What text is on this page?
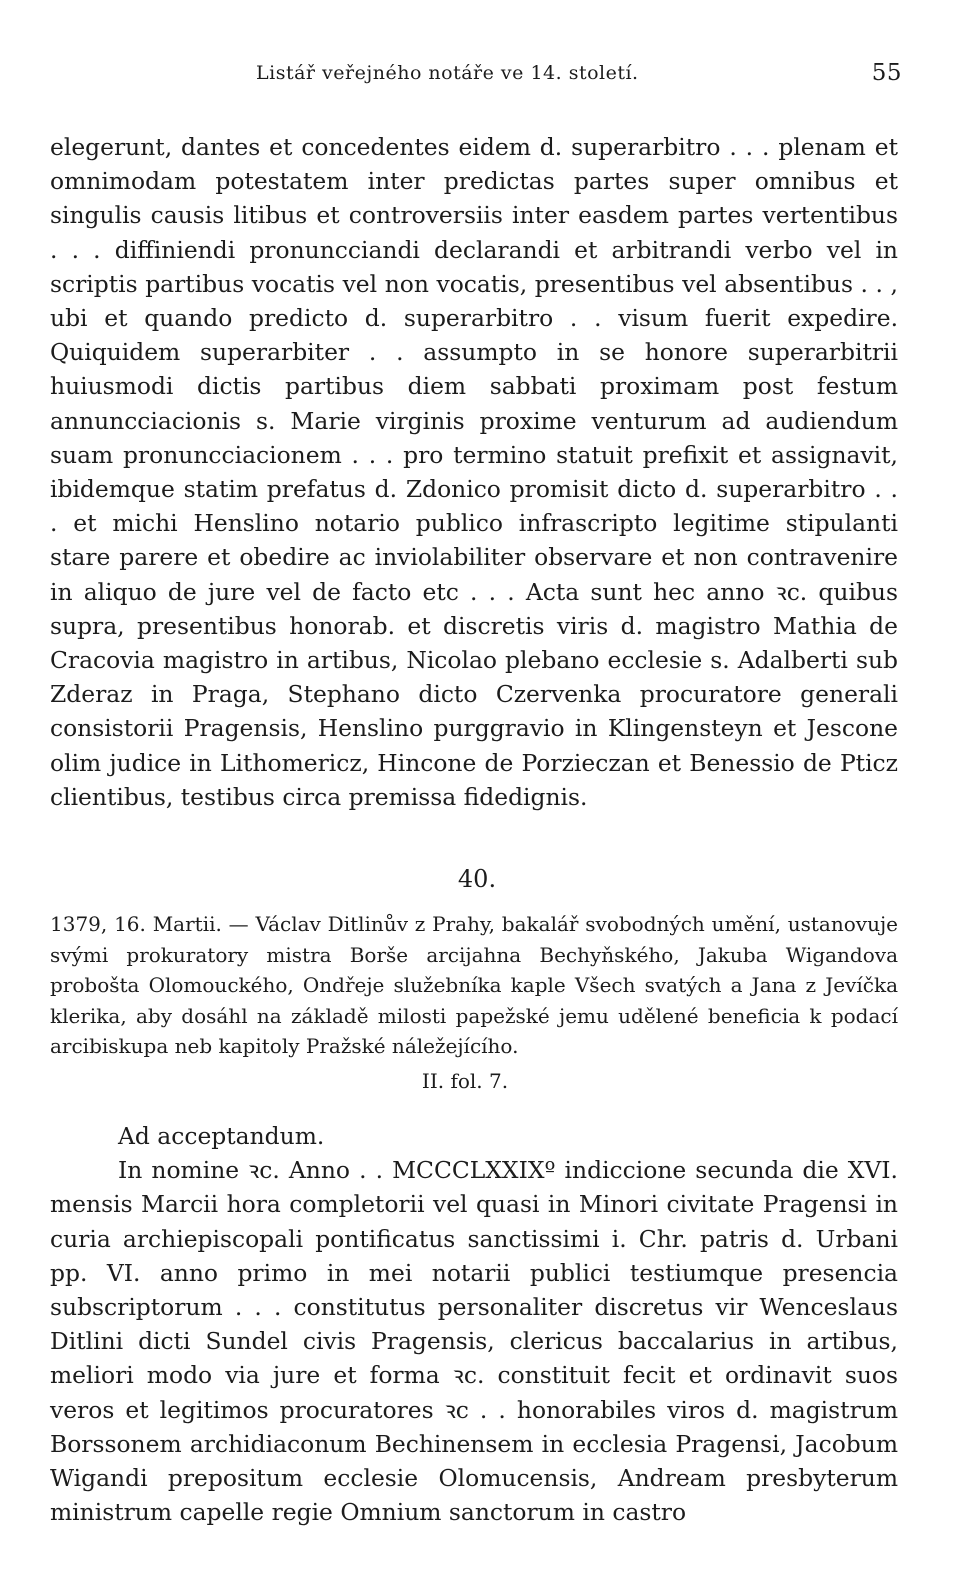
Listář veřejného notáře ve 14. století.	55

elegerunt, dantes et concedentes eidem d. superarbitro . . . plenam et omnimodam potestatem inter predictas partes super omnibus et singulis causis litibus et controversiis inter easdem partes vertentibus . . . diffiniendi pronuncciandi declarandi et arbitrandi verbo vel in scriptis partibus vocatis vel non vocatis, presentibus vel absentibus . . , ubi et quando predicto d. superarbitro . . visum fuerit expedire. Quiquidem superarbiter . . assumpto in se honore superarbitrii huiusmodi dictis partibus diem sabbati proximam post festum annuncciacionis s. Marie virginis proxime venturum ad audiendum suam pronuncciacionem . . . pro termino statuit prefixit et assignavit, ibidemque statim prefatus d. Zdonico promisit dicto d. superarbitro . . . et michi Henslino notario publico infrascripto legitime stipulanti stare parere et obedire ac inviolabiliter observare et non contravenire in aliquo de jure vel de facto etc . . . Acta sunt hec anno ꝛc. quibus supra, presentibus honorab. et discretis viris d. magistro Mathia de Cracovia magistro in artibus, Nicolao plebano ecclesie s. Adalberti sub Zderaz in Praga, Stephano dicto Czervenka procuratore generali consistorii Pragensis, Henslino purggravio in Klingensteyn et Jescone olim judice in Lithomericz, Hincone de Porzieczan et Benessio de Pticz clientibus, testibus circa premissa fidedignis.

40.

1379, 16. Martii. — Václav Ditlinův z Prahy, bakalář svobodných umění, ustanovuje svými prokuratory mistra Borše arcijahna Bechyňského, Jakuba Wigandova probošta Olomouckého, Ondřeje služebníka kaple Všech svatých a Jana z Jevíčka klerika, aby dosáhl na základě milosti papežské jemu udělené beneficia k podací arcibiskupa neb kapitoly Pražské náležejícího.

II. fol. 7.
Ad acceptandum.

In nomine ꝛc. Anno . . MCCCLXXIXº indiccione secunda die XVI. mensis Marcii hora completorii vel quasi in Minori civitate Pragensi in curia archiepiscopali pontificatus sanctissimi i. Chr. patris d. Urbani pp. VI. anno primo in mei notarii publici testiumque presencia subscriptorum . . . constitutus personaliter discretus vir Wenceslaus Ditlini dicti Sundel civis Pragensis, clericus baccalarius in artibus, meliori modo via jure et forma ꝛc. constituit fecit et ordinavit suos veros et legitimos procuratores ꝛc . . honorabiles viros d. magistrum Borssonem archidiaconum Bechinensem in ecclesia Pragensi, Jacobum Wigandi prepositum ecclesie Olomucensis, Andream presbyterum ministrum capelle regie Omnium sanctorum in castro
